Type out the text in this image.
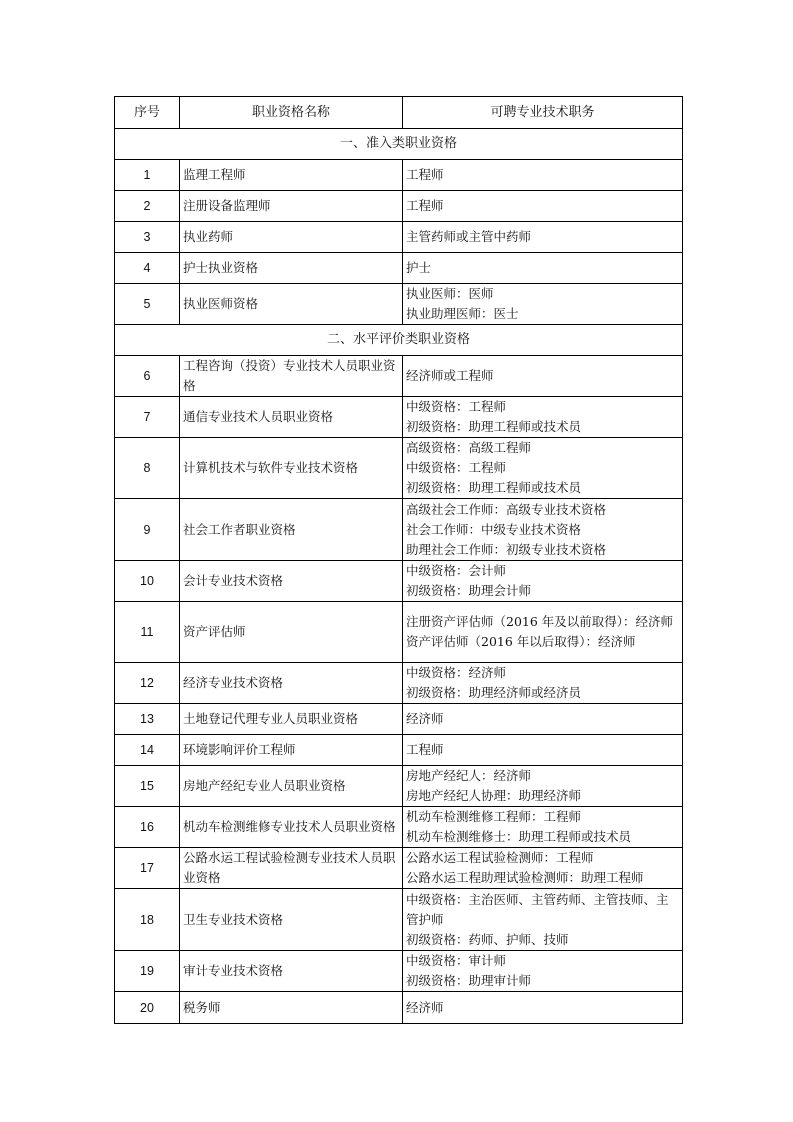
序号	职业资格名称	可聘专业技术职务
一、准入类职业资格		
1	监理工程师	工程师

2	注册设备监理师	工程师

3	执业药师	主管药师或主管中药师

4	护士执业资格	护士

5	执业医师资格	执业医师：医师
执业助理医师：医士

二、水平评价类职业资格		
6	工程咨询（投资）专业技术人员职业资格	经济师或工程师

7	通信专业技术人员职业资格	中级资格：工程师
初级资格：助理工程师或技术员

8	计算机技术与软件专业技术资格	高级资格：高级工程师
中级资格：工程师
初级资格：助理工程师或技术员

9	社会工作者职业资格	高级社会工作师：高级专业技术资格
社会工作师：中级专业技术资格
助理社会工作师：初级专业技术资格

10	会计专业技术资格	中级资格：会计师
初级资格：助理会计师

11	资产评估师	注册资产评估师（2016 年及以前取得）：经济师
资产评估师（2016 年以后取得）：经济师

12	经济专业技术资格	中级资格：经济师
初级资格：助理经济师或经济员

13	土地登记代理专业人员职业资格	经济师

14	环境影响评价工程师	工程师

15	房地产经纪专业人员职业资格	房地产经纪人：经济师
房地产经纪人协理：助理经济师

16	机动车检测维修专业技术人员职业资格	机动车检测维修工程师：工程师
机动车检测维修士：助理工程师或技术员

17	公路水运工程试验检测专业技术人员职业资格	公路水运工程试验检测师：工程师
公路水运工程助理试验检测师：助理工程师

18	卫生专业技术资格	中级资格：主治医师、主管药师、主管技师、主管护师
初级资格：药师、护师、技师

19	审计专业技术资格	中级资格：审计师
初级资格：助理审计师

20	税务师	经济师
